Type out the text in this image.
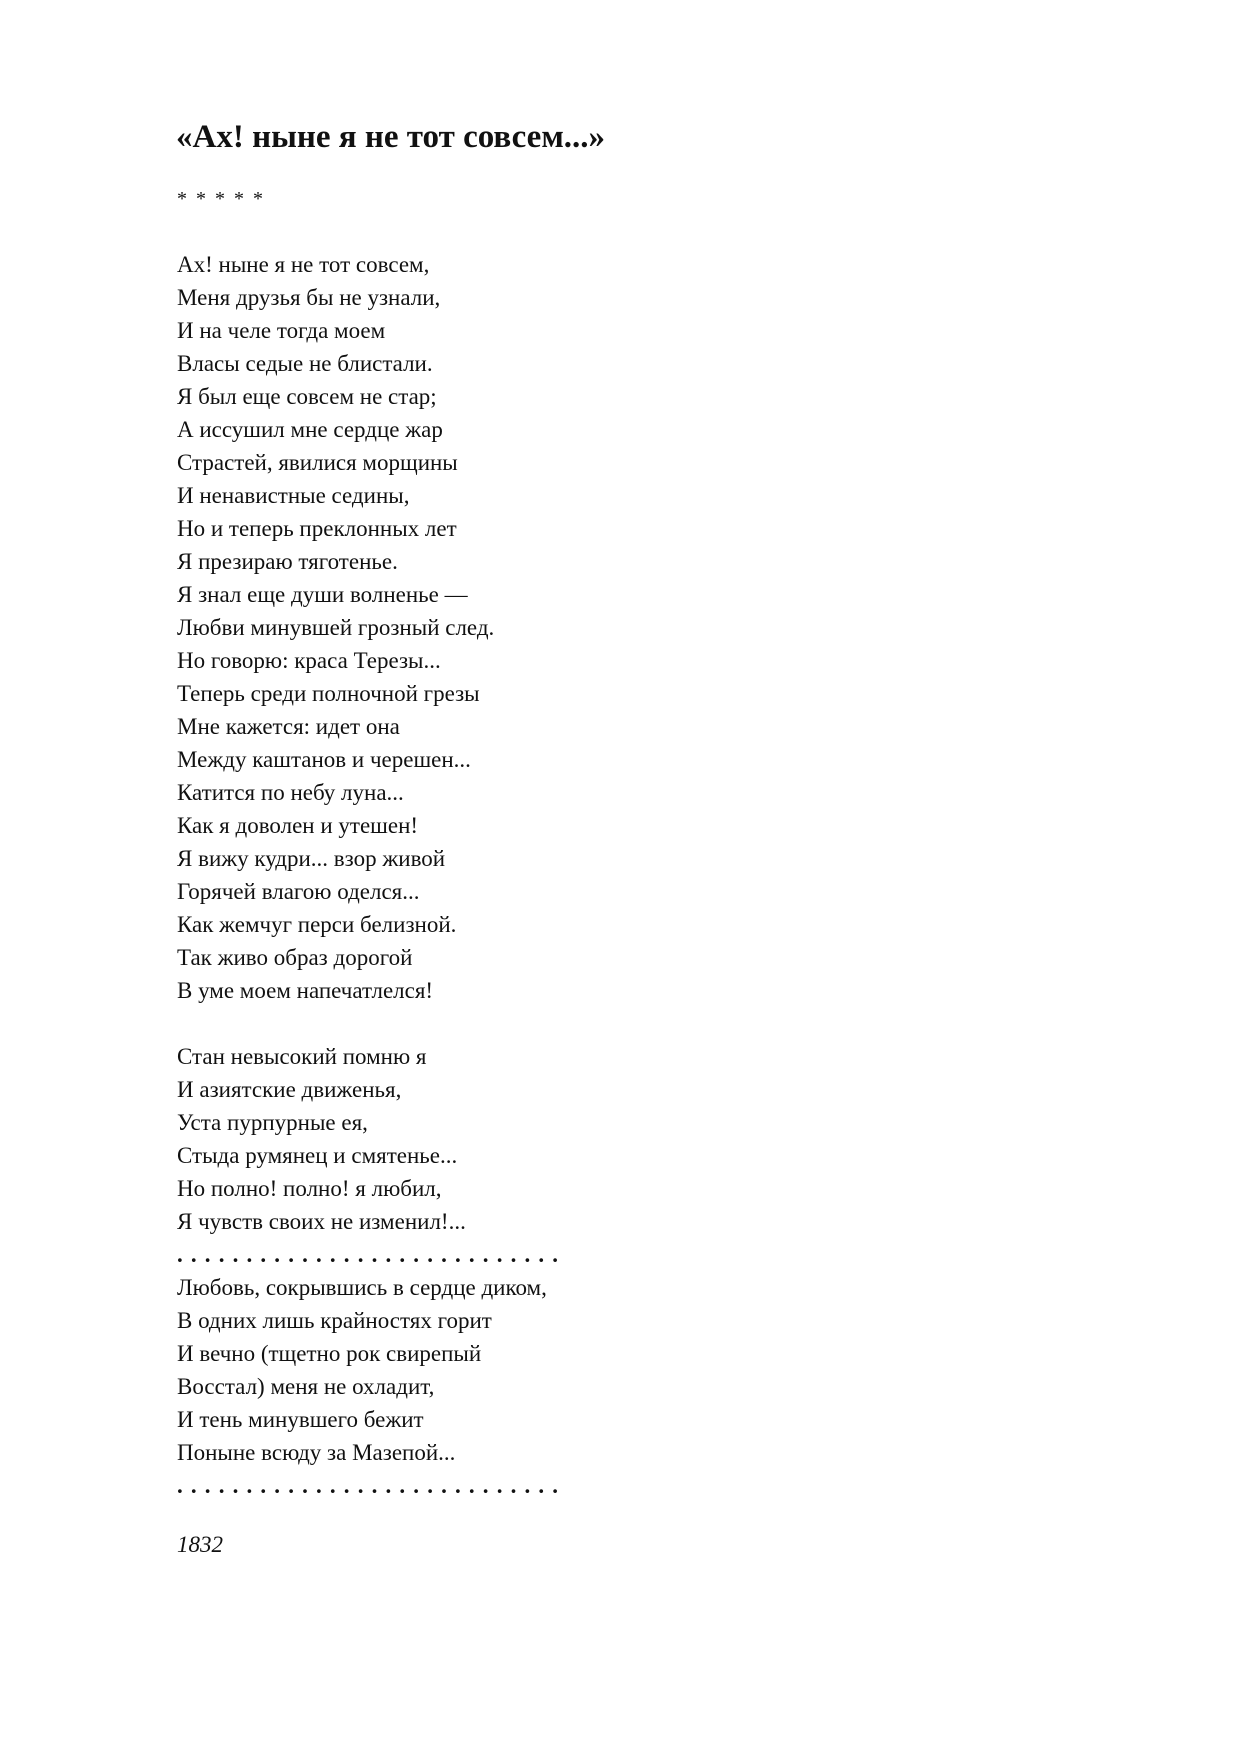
«Ах! ныне я не тот совсем...»
* * * * *
Ах! ныне я не тот совсем,
Меня друзья бы не узнали,
И на челе тогда моем
Власы седые не блистали.
Я был еще совсем не стар;
А иссушил мне сердце жар
Страстей, явилися морщины
И ненавистные седины,
Но и теперь преклонных лет
Я презираю тяготенье.
Я знал еще души волненье —
Любви минувшей грозный след.
Но говорю: краса Терезы...
Теперь среди полночной грезы
Мне кажется: идет она
Между каштанов и черешен...
Катится по небу луна...
Как я доволен и утешен!
Я вижу кудри... взор живой
Горячей влагою оделся...
Как жемчуг перси белизной.
Так живо образ дорогой
В уме моем напечатлелся!
Стан невысокий помню я
И азиятские движенья,
Уста пурпурные ея,
Стыда румянец и смятенье...
Но полно! полно! я любил,
Я чувств своих не изменил!...
. . . . . . . . . . . . . . . . . . . . . . . . . . . .
Любовь, сокрывшись в сердце диком,
В одних лишь крайностях горит
И вечно (тщетно рок свирепый
Восстал) меня не охладит,
И тень минувшего бежит
Поныне всюду за Мазепой...
. . . . . . . . . . . . . . . . . . . . . . . . . . . .
1832
